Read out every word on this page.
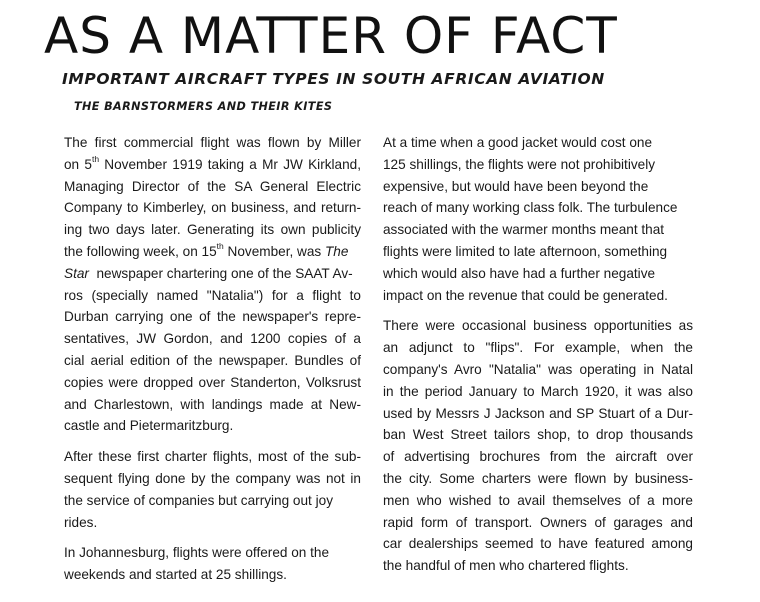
AS A MATTER OF FACT
IMPORTANT AIRCRAFT TYPES IN SOUTH AFRICAN AVIATION
THE BARNSTORMERS AND THEIR KITES
The first commercial flight was flown by Miller
on 5th November 1919 taking a Mr JW Kirkland,
Managing Director of the SA General Electric
Company to Kimberley, on business, and return-
ing two days later. Generating its own publicity
the following week, on 15th November, was The
Star  newspaper chartering one of the SAAT Av-
ros (specially named "Natalia") for a flight to
Durban carrying one of the newspaper's repre-
sentatives, JW Gordon, and 1200 copies of a
cial aerial edition of the newspaper. Bundles of
copies were dropped over Standerton, Volksrust
and Charlestown, with landings made at New-
castle and Pietermaritzburg.
After these first charter flights, most of the sub-
sequent flying done by the company was not in
the service of companies but carrying out joy
rides.
In Johannesburg, flights were offered on the
weekends and started at 25 shillings.
At a time when a good jacket would cost one
125 shillings, the flights were not prohibitively
expensive, but would have been beyond the
reach of many working class folk. The turbulence
associated with the warmer months meant that
flights were limited to late afternoon, something
which would also have had a further negative
impact on the revenue that could be generated.
There were occasional business opportunities as
an adjunct to "flips". For example, when the
company's Avro "Natalia" was operating in Natal
in the period January to March 1920, it was also
used by Messrs J Jackson and SP Stuart of a Dur-
ban West Street tailors shop, to drop thousands
of advertising brochures from the aircraft over
the city. Some charters were flown by business-
men who wished to avail themselves of a more
rapid form of transport. Owners of garages and
car dealerships seemed to have featured among
the handful of men who chartered flights.
